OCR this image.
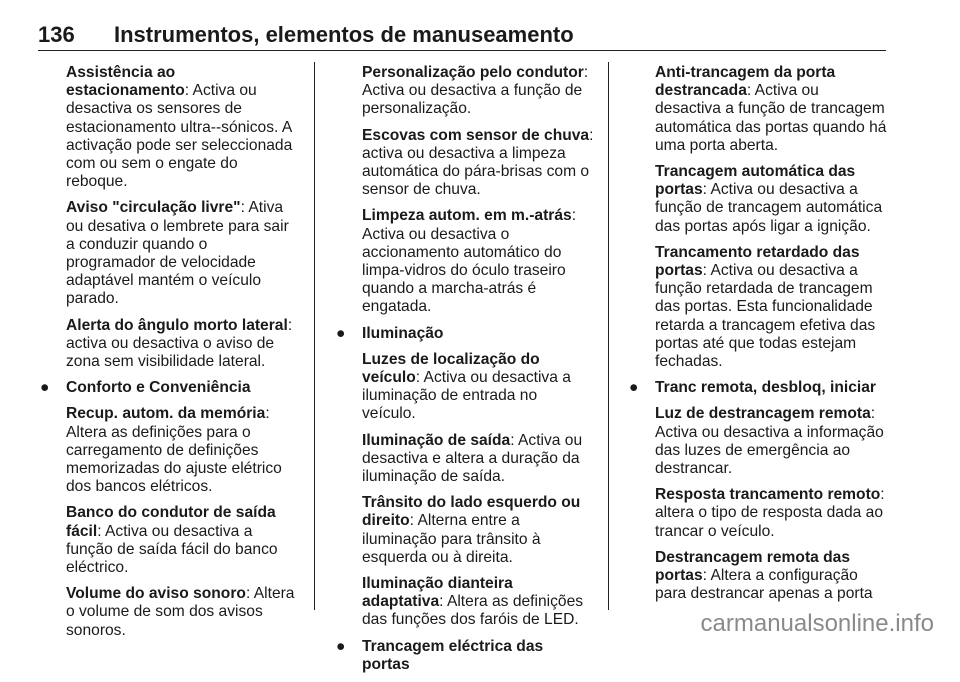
136	Instrumentos, elementos de manuseamento
Assistência ao estacionamento: Activa ou desactiva os sensores de estacionamento ultra--sónicos. A activação pode ser seleccionada com ou sem o engate do reboque.
Aviso "circulação livre": Ativa ou desativa o lembrete para sair a conduzir quando o programador de velocidade adaptável mantém o veículo parado.
Alerta do ângulo morto lateral: activa ou desactiva o aviso de zona sem visibilidade lateral.
● Conforto e Conveniência
Recup. autom. da memória: Altera as definições para o carregamento de definições memorizadas do ajuste elétrico dos bancos elétricos.
Banco do condutor de saída fácil: Activa ou desactiva a função de saída fácil do banco eléctrico.
Volume do aviso sonoro: Altera o volume de som dos avisos sonoros.
Personalização pelo condutor: Activa ou desactiva a função de personalização.
Escovas com sensor de chuva: activa ou desactiva a limpeza automática do pára-brisas com o sensor de chuva.
Limpeza autom. em m.-atrás: Activa ou desactiva o accionamento automático do limpa-vidros do óculo traseiro quando a marcha-atrás é engatada.
● Iluminação
Luzes de localização do veículo: Activa ou desactiva a iluminação de entrada no veículo.
Iluminação de saída: Activa ou desactiva e altera a duração da iluminação de saída.
Trânsito do lado esquerdo ou direito: Alterna entre a iluminação para trânsito à esquerda ou à direita.
Iluminação dianteira adaptativa: Altera as definições das funções dos faróis de LED.
● Trancagem eléctrica das portas
Anti-trancagem da porta destrancada: Activa ou desactiva a função de trancagem automática das portas quando há uma porta aberta.
Trancagem automática das portas: Activa ou desactiva a função de trancagem automática das portas após ligar a ignição.
Trancamento retardado das portas: Activa ou desactiva a função retardada de trancagem das portas. Esta funcionalidade retarda a trancagem efetiva das portas até que todas estejam fechadas.
● Tranc remota, desbloq, iniciar
Luz de destrancagem remota: Activa ou desactiva a informação das luzes de emergência ao destrancar.
Resposta trancamento remoto: altera o tipo de resposta dada ao trancar o veículo.
Destrancagem remota das portas: Altera a configuração para destrancar apenas a porta
carmanualsonline.info
